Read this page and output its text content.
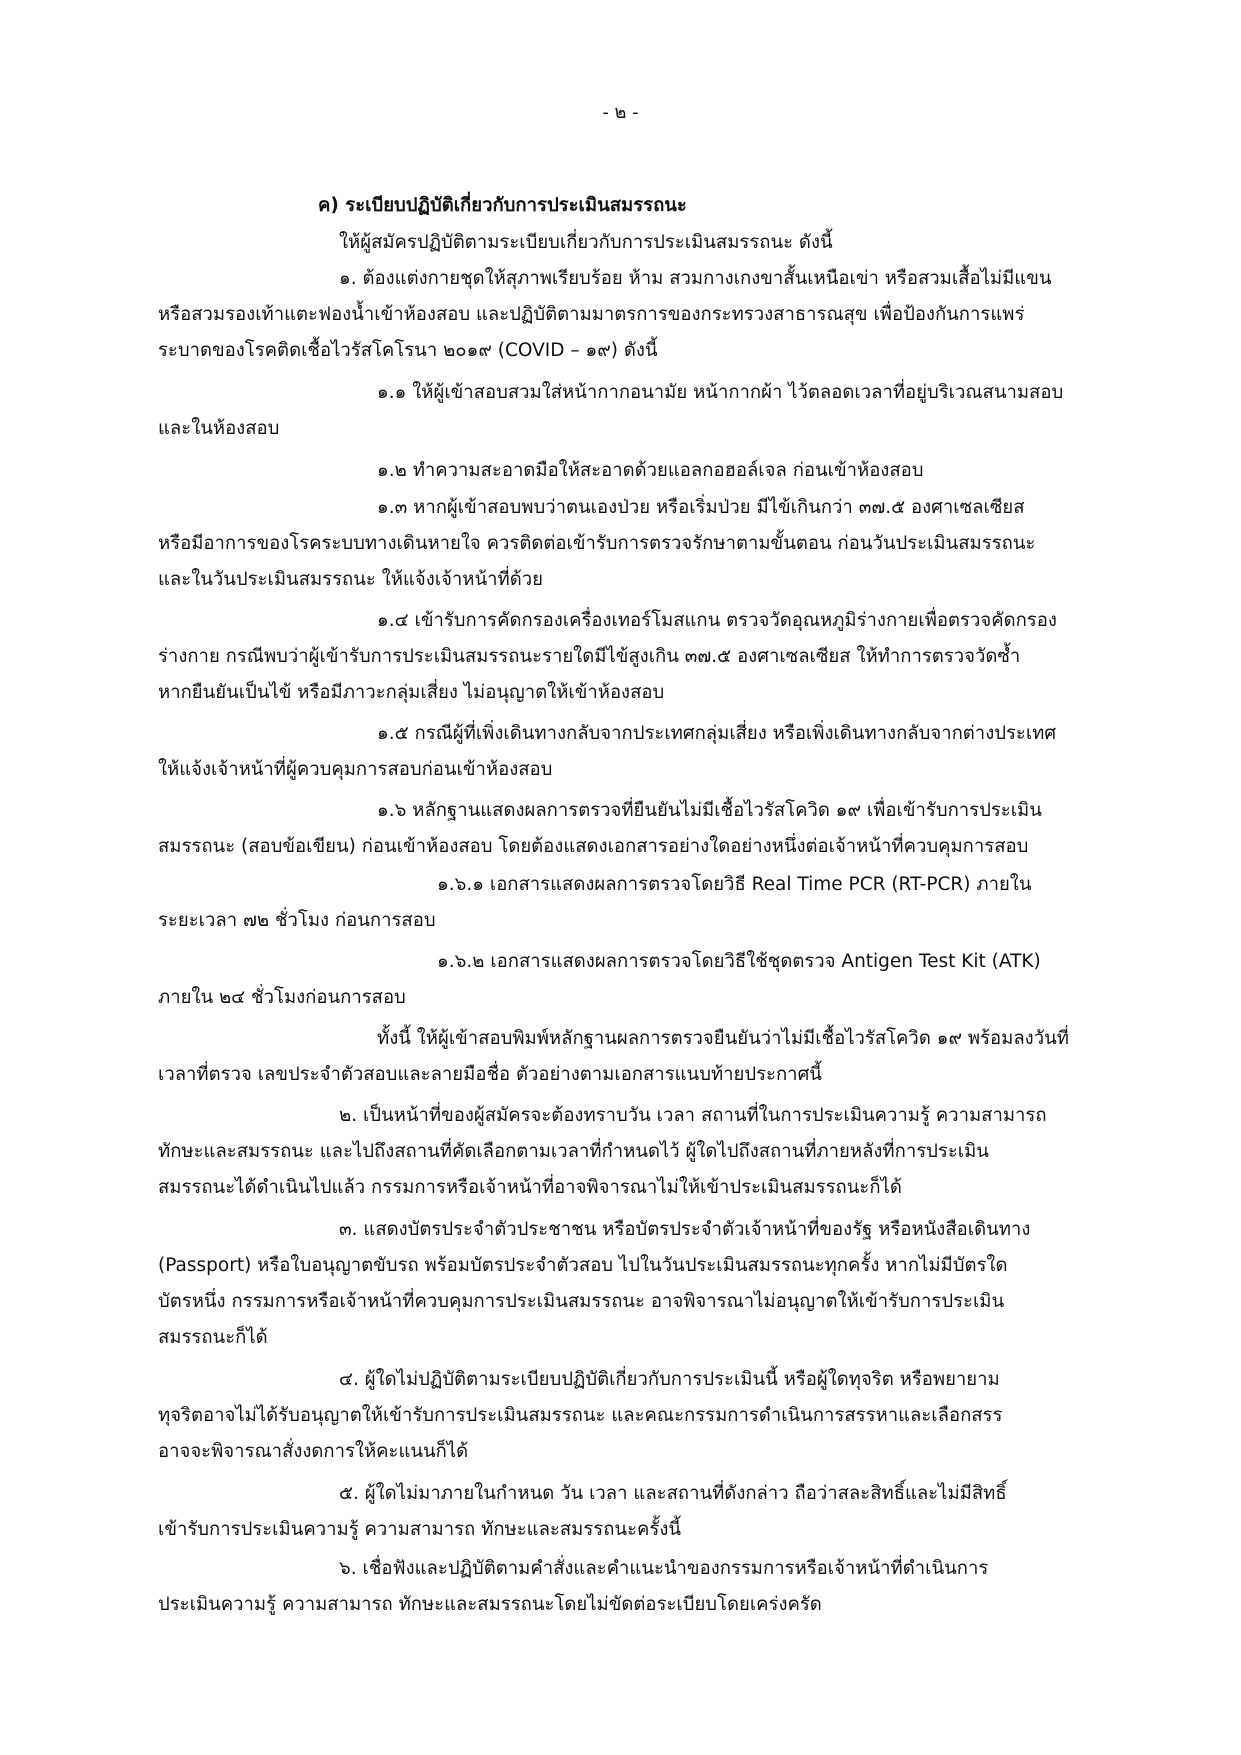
- ๒ -
ค) ระเบียบปฏิบัติเกี่ยวกับการประเมินสมรรถนะ
ให้ผู้สมัครปฏิบัติตามระเบียบเกี่ยวกับการประเมินสมรรถนะ ดังนี้
๑. ต้องแต่งกายชุดให้สุภาพเรียบร้อย ห้าม สวมกางเกงขาสั้นเหนือเข่า หรือสวมเสื้อไม่มีแขน
หรือสวมรองเท้าแตะฟองน้ำเข้าห้องสอบ และปฏิบัติตามมาตรการของกระทรวงสาธารณสุข เพื่อป้องกันการแพร่
ระบาดของโรคติดเชื้อไวรัสโคโรนา ๒๐๑๙ (COVID – ๑๙) ดังนี้
๑.๑ ให้ผู้เข้าสอบสวมใส่หน้ากากอนามัย หน้ากากผ้า ไว้ตลอดเวลาที่อยู่บริเวณสนามสอบ
และในห้องสอบ
๑.๒ ทำความสะอาดมือให้สะอาดด้วยแอลกอฮอล์เจล ก่อนเข้าห้องสอบ
๑.๓ หากผู้เข้าสอบพบว่าตนเองป่วย หรือเริ่มป่วย มีไข้เกินกว่า ๓๗.๕ องศาเซลเซียส
หรือมีอาการของโรคระบบทางเดินหายใจ ควรติดต่อเข้ารับการตรวจรักษาตามขั้นตอน ก่อนวันประเมินสมรรถนะ
และในวันประเมินสมรรถนะ ให้แจ้งเจ้าหน้าที่ด้วย
๑.๔ เข้ารับการคัดกรองเครื่องเทอร์โมสแกน ตรวจวัดอุณหภูมิร่างกายเพื่อตรวจคัดกรอง
ร่างกาย กรณีพบว่าผู้เข้ารับการประเมินสมรรถนะรายใดมีไข้สูงเกิน ๓๗.๕ องศาเซลเซียส ให้ทำการตรวจวัดซ้ำ
หากยืนยันเป็นไข้ หรือมีภาวะกลุ่มเสี่ยง ไม่อนุญาตให้เข้าห้องสอบ
๑.๕ กรณีผู้ที่เพิ่งเดินทางกลับจากประเทศกลุ่มเสี่ยง หรือเพิ่งเดินทางกลับจากต่างประเทศ
ให้แจ้งเจ้าหน้าที่ผู้ควบคุมการสอบก่อนเข้าห้องสอบ
๑.๖ หลักฐานแสดงผลการตรวจที่ยืนยันไม่มีเชื้อไวรัสโควิด ๑๙ เพื่อเข้ารับการประเมิน
สมรรถนะ (สอบข้อเขียน) ก่อนเข้าห้องสอบ โดยต้องแสดงเอกสารอย่างใดอย่างหนึ่งต่อเจ้าหน้าที่ควบคุมการสอบ
๑.๖.๑ เอกสารแสดงผลการตรวจโดยวิธี Real Time PCR (RT-PCR) ภายใน
ระยะเวลา ๗๒ ชั่วโมง ก่อนการสอบ
๑.๖.๒ เอกสารแสดงผลการตรวจโดยวิธีใช้ชุดตรวจ Antigen Test Kit (ATK)
ภายใน ๒๔ ชั่วโมงก่อนการสอบ
ทั้งนี้ ให้ผู้เข้าสอบพิมพ์หลักฐานผลการตรวจยืนยันว่าไม่มีเชื้อไวรัสโควิด ๑๙ พร้อมลงวันที่
เวลาที่ตรวจ เลขประจำตัวสอบและลายมือชื่อ ตัวอย่างตามเอกสารแนบท้ายประกาศนี้
๒. เป็นหน้าที่ของผู้สมัครจะต้องทราบวัน เวลา สถานที่ในการประเมินความรู้ ความสามารถ
ทักษะและสมรรถนะ และไปถึงสถานที่คัดเลือกตามเวลาที่กำหนดไว้ ผู้ใดไปถึงสถานที่ภายหลังที่การประเมิน
สมรรถนะได้ดำเนินไปแล้ว กรรมการหรือเจ้าหน้าที่อาจพิจารณาไม่ให้เข้าประเมินสมรรถนะก็ได้
๓. แสดงบัตรประจำตัวประชาชน หรือบัตรประจำตัวเจ้าหน้าที่ของรัฐ หรือหนังสือเดินทาง
(Passport) หรือใบอนุญาตขับรถ พร้อมบัตรประจำตัวสอบ ไปในวันประเมินสมรรถนะทุกครั้ง หากไม่มีบัตรใด
บัตรหนึ่ง กรรมการหรือเจ้าหน้าที่ควบคุมการประเมินสมรรถนะ อาจพิจารณาไม่อนุญาตให้เข้ารับการประเมิน
สมรรถนะก็ได้
๔. ผู้ใดไม่ปฏิบัติตามระเบียบปฏิบัติเกี่ยวกับการประเมินนี้ หรือผู้ใดทุจริต หรือพยายาม
ทุจริตอาจไม่ได้รับอนุญาตให้เข้ารับการประเมินสมรรถนะ และคณะกรรมการดำเนินการสรรหาและเลือกสรร
อาจจะพิจารณาสั่งงดการให้คะแนนก็ได้
๕. ผู้ใดไม่มาภายในกำหนด วัน เวลา และสถานที่ดังกล่าว ถือว่าสละสิทธิ์และไม่มีสิทธิ์
เข้ารับการประเมินความรู้ ความสามารถ ทักษะและสมรรถนะครั้งนี้
๖. เชื่อฟังและปฏิบัติตามคำสั่งและคำแนะนำของกรรมการหรือเจ้าหน้าที่ดำเนินการ
ประเมินความรู้ ความสามารถ ทักษะและสมรรถนะโดยไม่ขัดต่อระเบียบโดยเคร่งครัด
